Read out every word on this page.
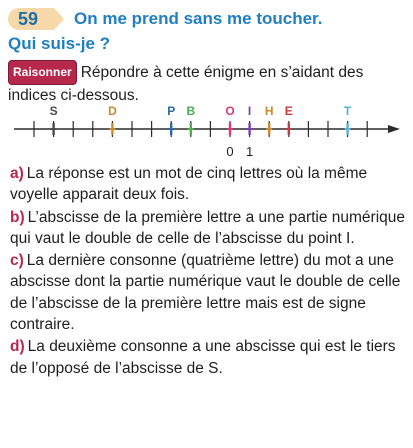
59	On me prend sans me toucher.
Qui suis-je ?
Raisonner Répondre à cette énigme en s’aidant des indices ci-dessous.
S	D	P B	O I H E	T
0 1
a) La réponse est un mot de cinq lettres où la même voyelle apparait deux fois.
b) L’abscisse de la première lettre a une partie numérique qui vaut le double de celle de l’abscisse du point I.
c) La dernière consonne (quatrième lettre) du mot a une abscisse dont la partie numérique vaut le double de celle de l’abscisse de la première lettre mais est de signe contraire.
d) La deuxième consonne a une abscisse qui est le tiers de l’opposé de l’abscisse de S.
